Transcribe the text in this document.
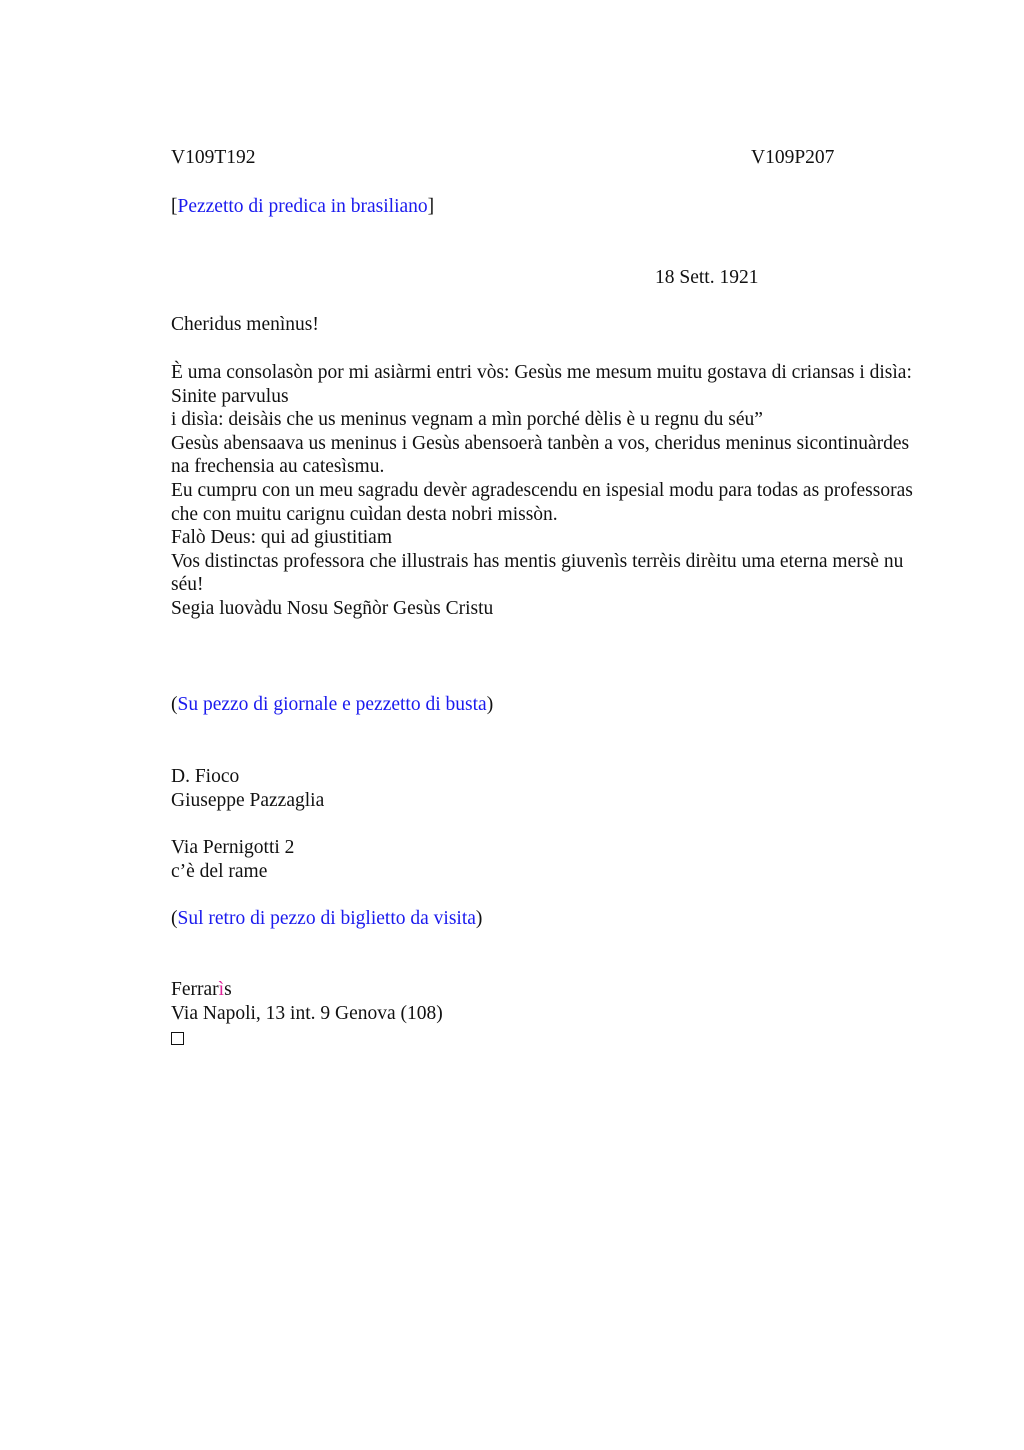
V109T192	V109P207
[Pezzetto di predica in brasiliano]
18 Sett. 1921
Cheridus menìnus!
È uma consolasòn por mi asiàrmi entri vòs: Gesùs me mesum muitu gostava di criansas i disìa:
Sinite parvulus
i disìa: deisàis che us meninus vegnam a mìn porché dèlis è u regnu du séu”
Gesùs abensaava us meninus i Gesùs abensoerà tanbèn a vos, cheridus meninus sicontinuàrdes na frechensia au catesìsmu.
Eu cumpru con un meu sagradu devèr agradescendu en ispesial modu para todas as professoras che con muitu carignu cuìdan desta nobri missòn.
Falò Deus: qui ad giustitiam
Vos distinctas professora che illustrais has mentis giuvenìs terrèis dirèitu uma eterna mersè nu séu!
Segia luovàdu Nosu Segñòr Gesùs Cristu
(Su pezzo di giornale e pezzetto di busta)
D. Fioco
Giuseppe Pazzaglia
Via Pernigotti 2
c’è del rame
(Sul retro di pezzo di biglietto da visita)
Ferrarìs
Via Napoli, 13 int. 9 Genova (108)
